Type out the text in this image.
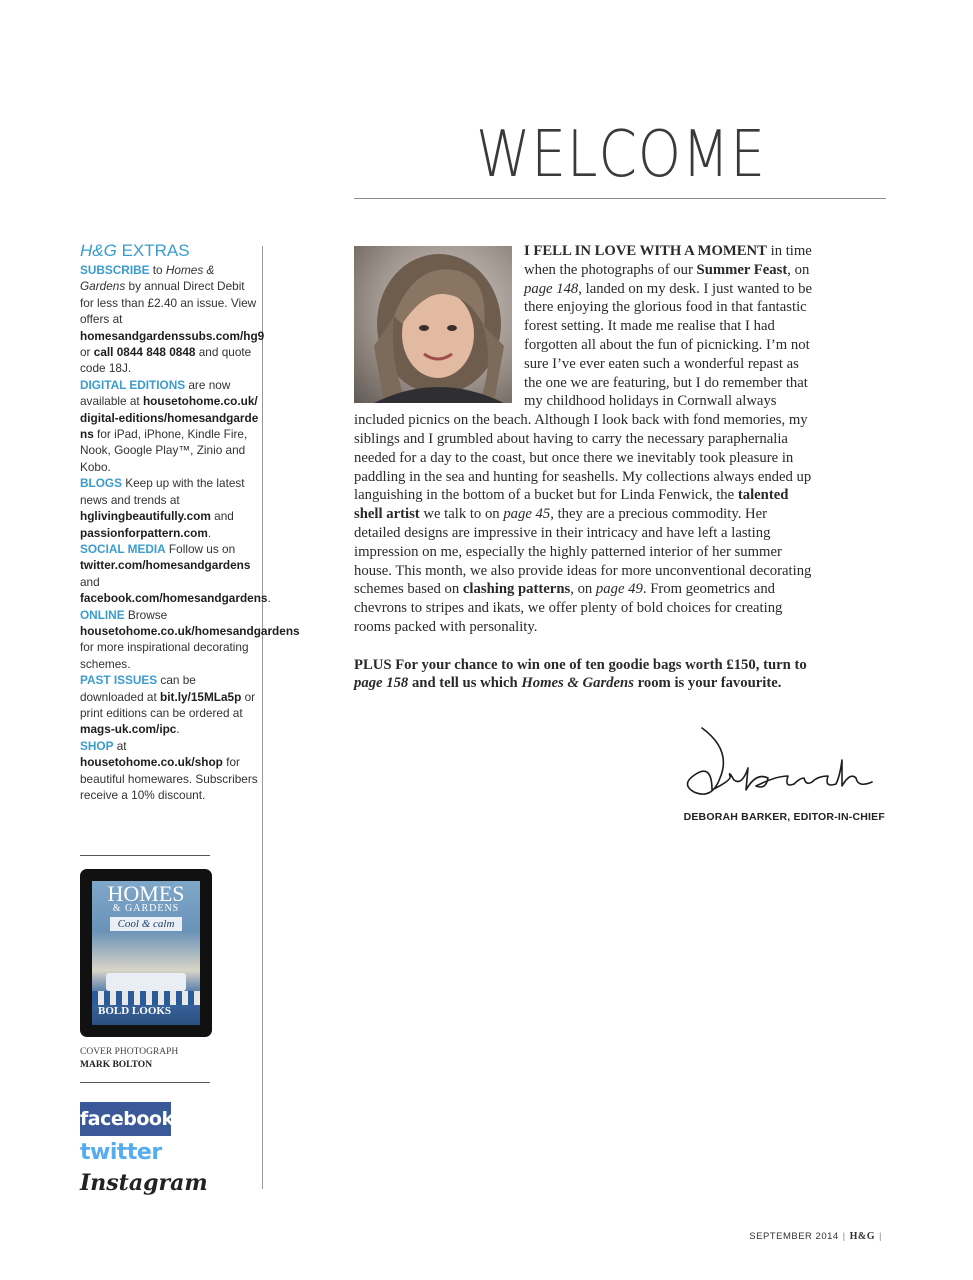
WELCOME
H&G EXTRAS
SUBSCRIBE to Homes & Gardens by annual Direct Debit for less than £2.40 an issue. View offers at homesandgardenssubs.com/hg9 or call 0844 848 0848 and quote code 18J.
DIGITAL EDITIONS are now available at housetohome.co.uk/digital-editions/homesandgardens for iPad, iPhone, Kindle Fire, Nook, Google Play™, Zinio and Kobo.
BLOGS Keep up with the latest news and trends at hglivingbeautifully.com and passionforpattern.com.
SOCIAL MEDIA Follow us on twitter.com/homesandgardens and facebook.com/homesandgardens.
ONLINE Browse housetohome.co.uk/homesandgardens for more inspirational decorating schemes.
PAST ISSUES can be downloaded at bit.ly/15MLa5p or print editions can be ordered at mags-uk.com/ipc.
SHOP at housetohome.co.uk/shop for beautiful homewares. Subscribers receive a 10% discount.
HOMES
& GARDENS
Cool & calm
BOLD LOOKS
COVER PHOTOGRAPH
MARK BOLTON
facebook
twitter
Instagram
I FELL IN LOVE WITH A MOMENT in time when the photographs of our Summer Feast, on page 148, landed on my desk. I just wanted to be there enjoying the glorious food in that fantastic forest setting. It made me realise that I had forgotten all about the fun of picnicking. I’m not sure I’ve ever eaten such a wonderful repast as the one we are featuring, but I do remember that my childhood holidays in Cornwall always included picnics on the beach. Although I look back with fond memories, my siblings and I grumbled about having to carry the necessary paraphernalia needed for a day to the coast, but once there we inevitably took pleasure in paddling in the sea and hunting for seashells. My collections always ended up languishing in the bottom of a bucket but for Linda Fenwick, the talented shell artist we talk to on page 45, they are a precious commodity. Her detailed designs are impressive in their intricacy and have left a lasting impression on me, especially the highly patterned interior of her summer house. This month, we also provide ideas for more unconventional decorating schemes based on clashing patterns, on page 49. From geometrics and chevrons to stripes and ikats, we offer plenty of bold choices for creating rooms packed with personality.
PLUS For your chance to win one of ten goodie bags worth £150, turn to page 158 and tell us which Homes & Gardens room is your favourite.
DEBORAH BARKER, EDITOR-IN-CHIEF
SEPTEMBER 2014 | H&G |
